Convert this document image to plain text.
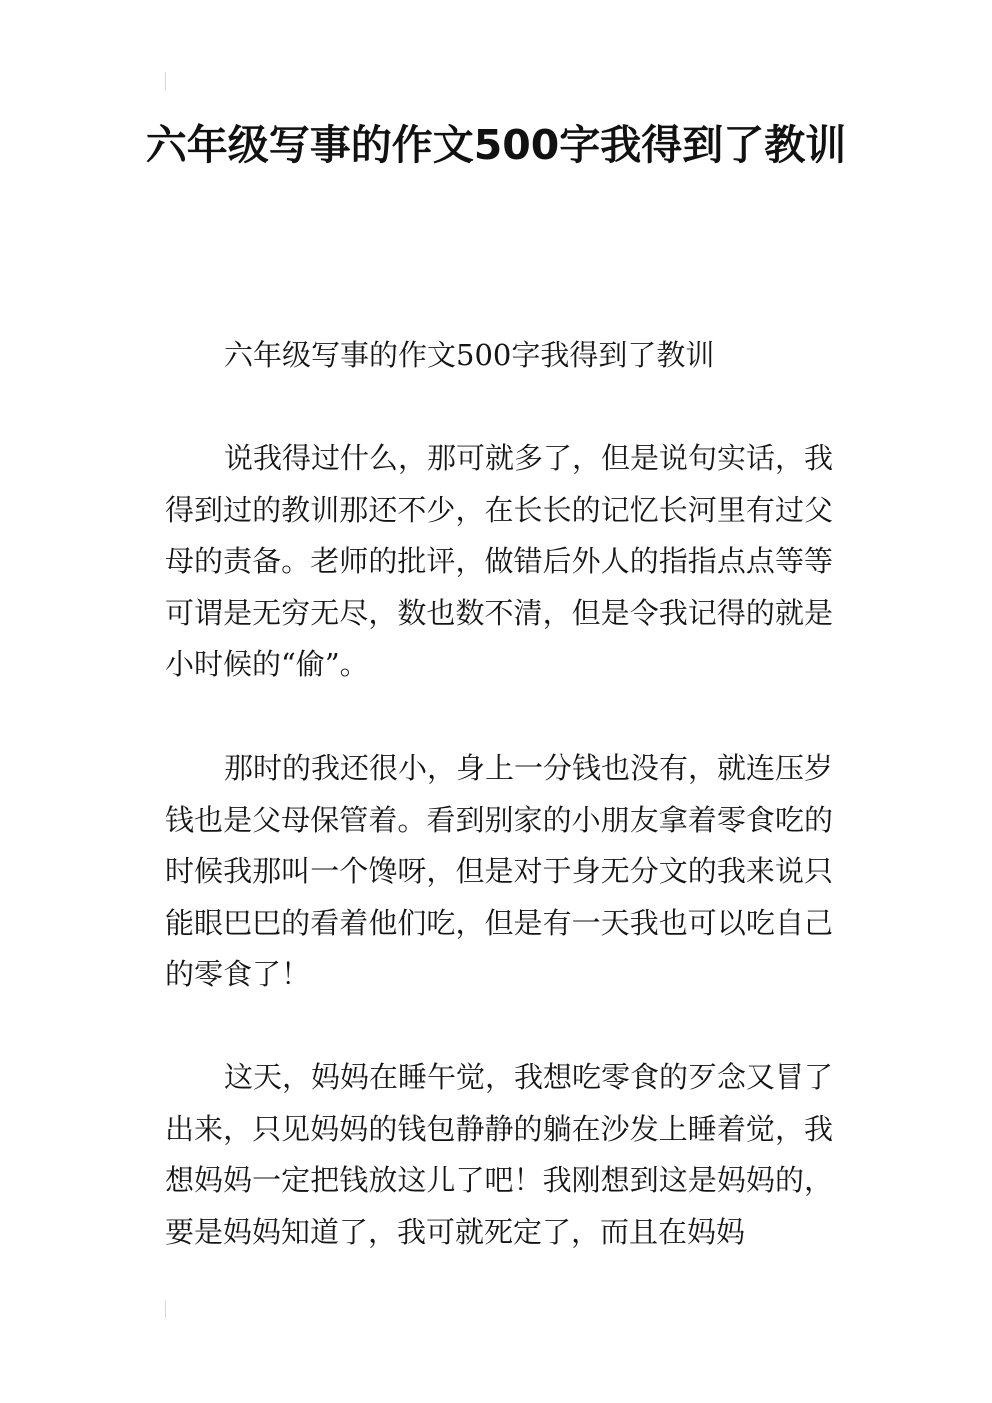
六年级写事的作文500字我得到了教训

六年级写事的作文500字我得到了教训

说我得过什么，那可就多了，但是说句实话，我得到过的教训那还不少，在长长的记忆长河里有过父母的责备。老师的批评，做错后外人的指指点点等等可谓是无穷无尽，数也数不清，但是令我记得的就是小时候的“偷”。

那时的我还很小，身上一分钱也没有，就连压岁钱也是父母保管着。看到别家的小朋友拿着零食吃的时候我那叫一个馋呀，但是对于身无分文的我来说只能眼巴巴的看着他们吃，但是有一天我也可以吃自己的零食了！

这天，妈妈在睡午觉，我想吃零食的歹念又冒了出来，只见妈妈的钱包静静的躺在沙发上睡着觉，我想妈妈一定把钱放这儿了吧！我刚想到这是妈妈的，要是妈妈知道了，我可就死定了，而且在妈妈
